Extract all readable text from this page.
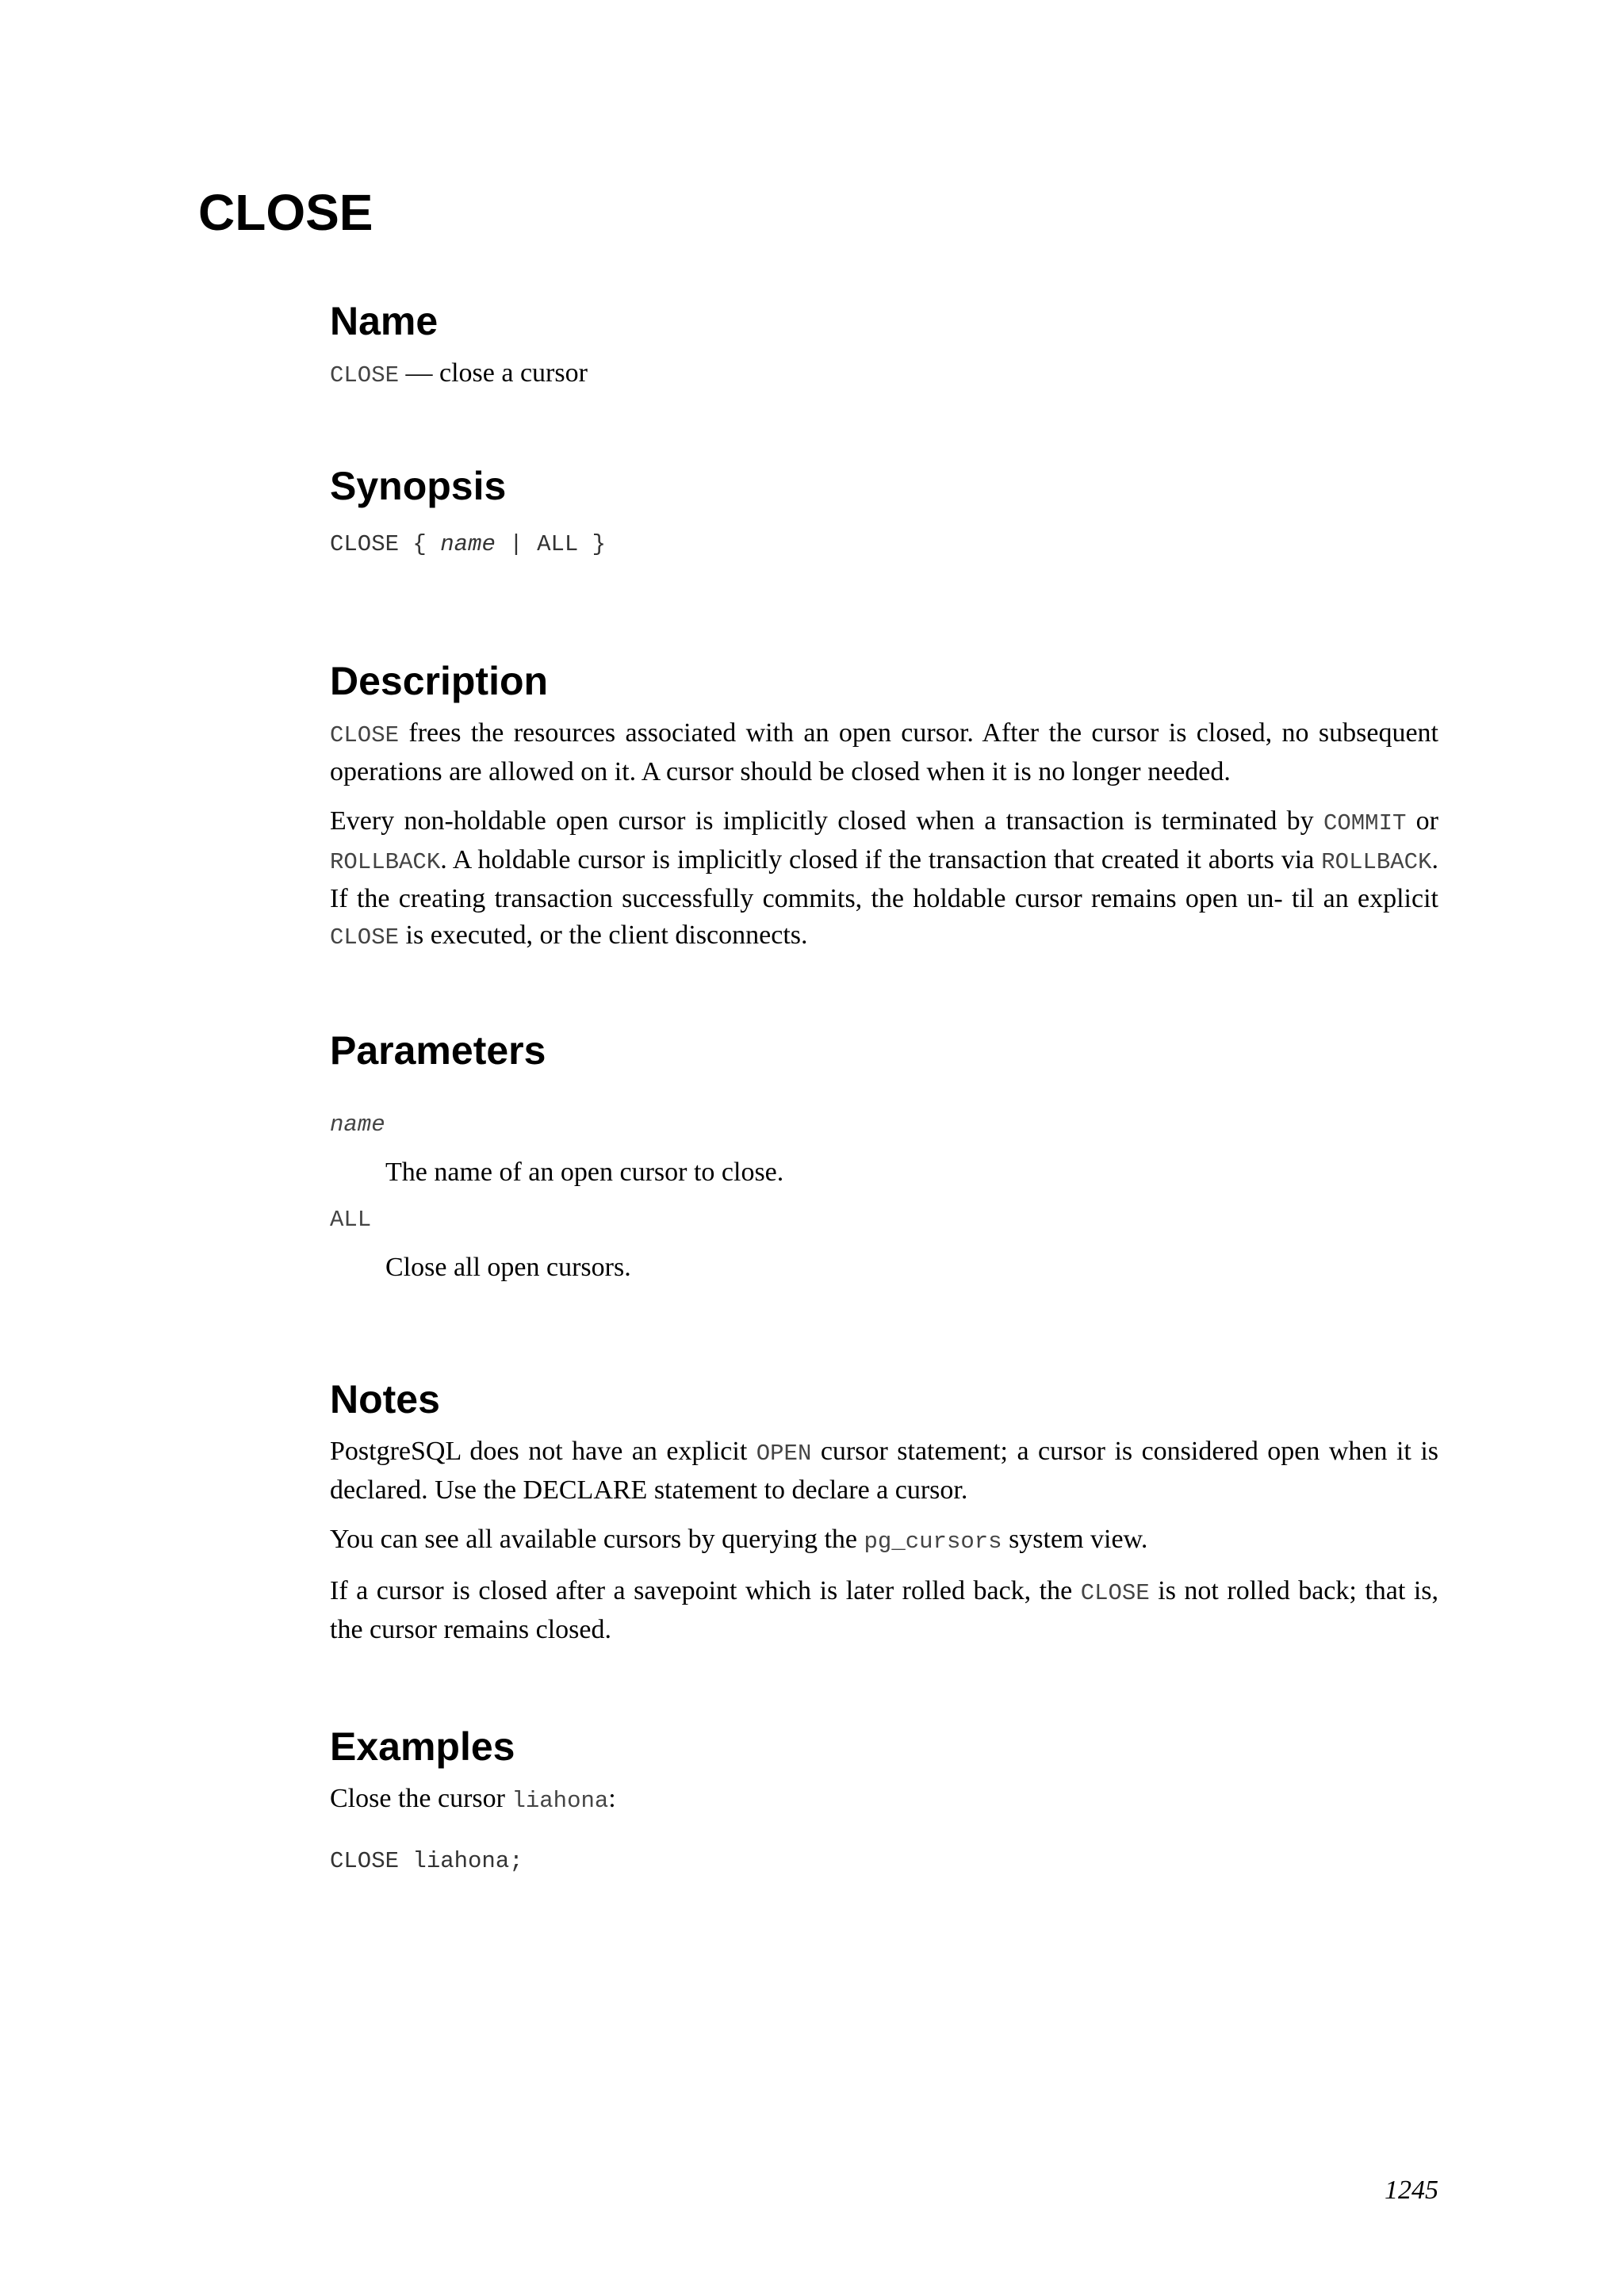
CLOSE
Name

CLOSE — close a cursor

Synopsis
CLOSE { name | ALL }
Description

CLOSE frees the resources associated with an open cursor. After the cursor is closed, no subsequent operations are allowed on it. A cursor should be closed when it is no longer needed.

Every non-holdable open cursor is implicitly closed when a transaction is terminated by COMMIT or ROLLBACK. A holdable cursor is implicitly closed if the transaction that created it aborts via ROLLBACK. If the creating transaction successfully commits, the holdable cursor remains open un- til an explicit CLOSE is executed, or the client disconnects.

Parameters
name
The name of an open cursor to close.
ALL
Close all open cursors.
Notes

PostgreSQL does not have an explicit OPEN cursor statement; a cursor is considered open when it is declared. Use the DECLARE statement to declare a cursor.

You can see all available cursors by querying the pg_cursors system view.

If a cursor is closed after a savepoint which is later rolled back, the CLOSE is not rolled back; that is, the cursor remains closed.

Examples

Close the cursor liahona:

CLOSE liahona;
1245
